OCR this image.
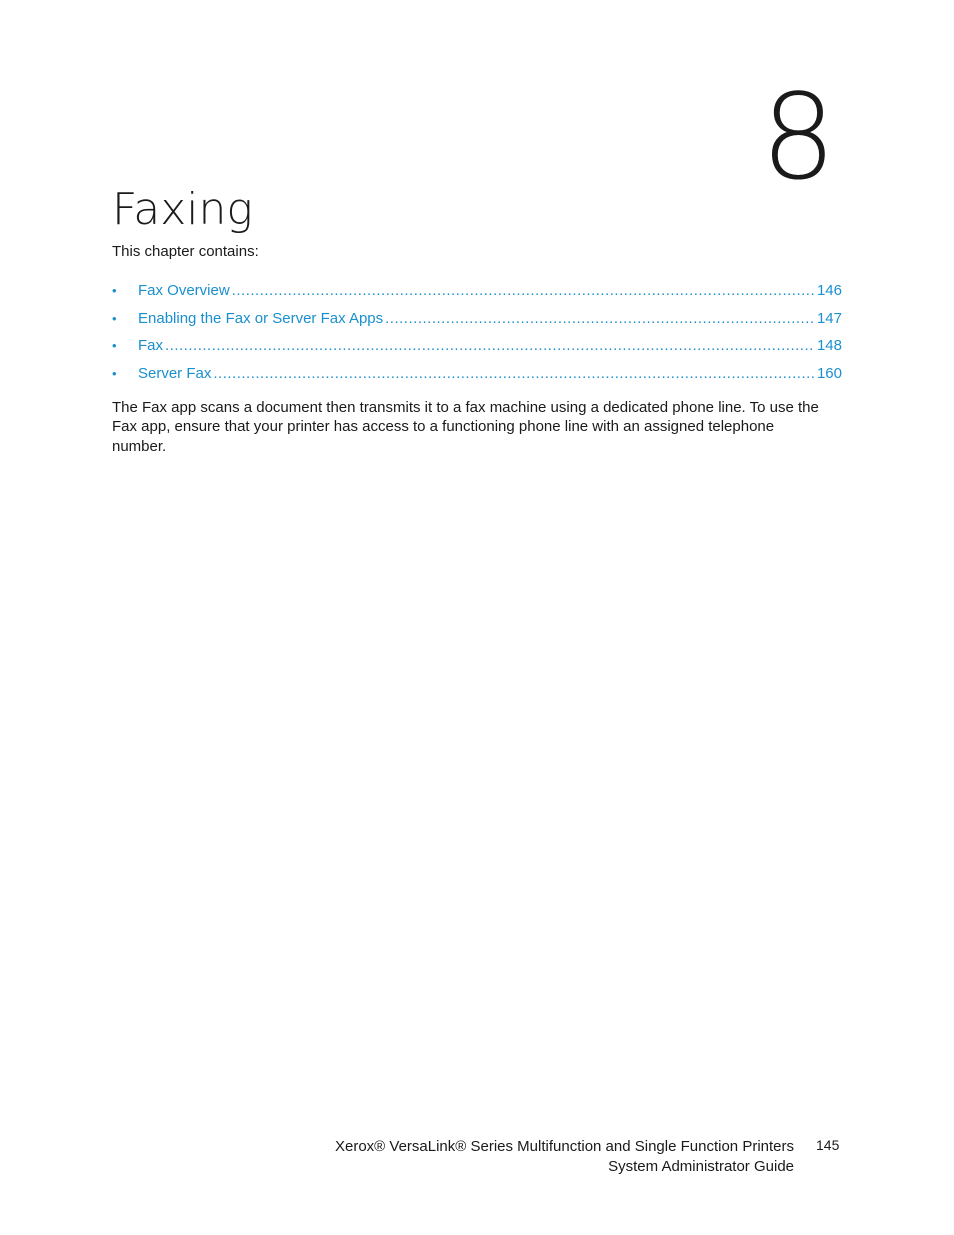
8
Faxing

This chapter contains:

•	Fax Overview .....	146
•	Enabling the Fax or Server Fax Apps .....	147
•	Fax .....	148
•	Server Fax .....	160

The Fax app scans a document then transmits it to a fax machine using a dedicated phone line. To use the Fax app, ensure that your printer has access to a functioning phone line with an assigned telephone number.

Xerox® VersaLink® Series Multifunction and Single Function Printers
System Administrator Guide
145
